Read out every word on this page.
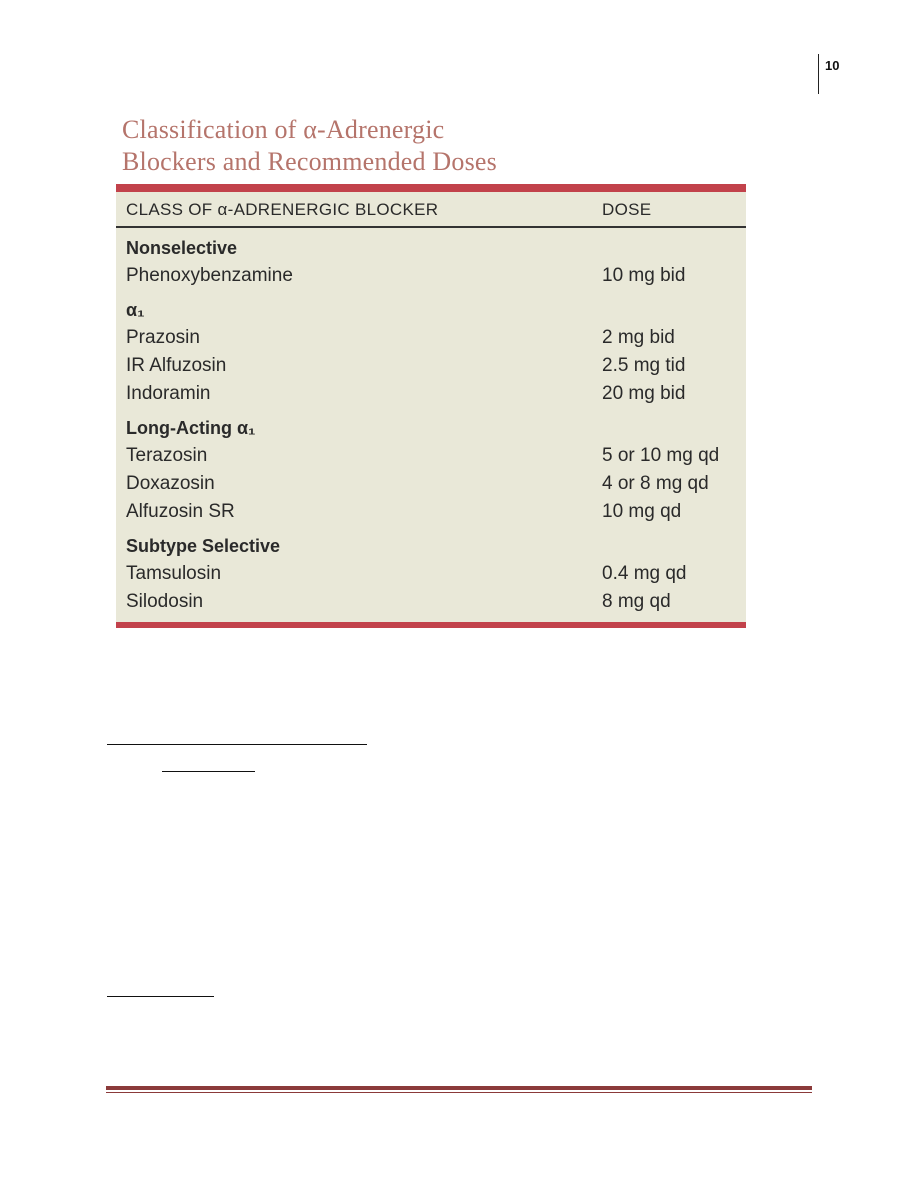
10
Classification of α-Adrenergic
Blockers and Recommended Doses
CLASS OF α-ADRENERGIC BLOCKER	DOSE
Nonselective	
Phenoxybenzamine	10 mg bid
α₁	
Prazosin	2 mg bid
IR Alfuzosin	2.5 mg tid
Indoramin	20 mg bid
Long-Acting α₁	
Terazosin	5 or 10 mg qd
Doxazosin	4 or 8 mg qd
Alfuzosin SR	10 mg qd
Subtype Selective	
Tamsulosin	0.4 mg qd
Silodosin	8 mg qd
